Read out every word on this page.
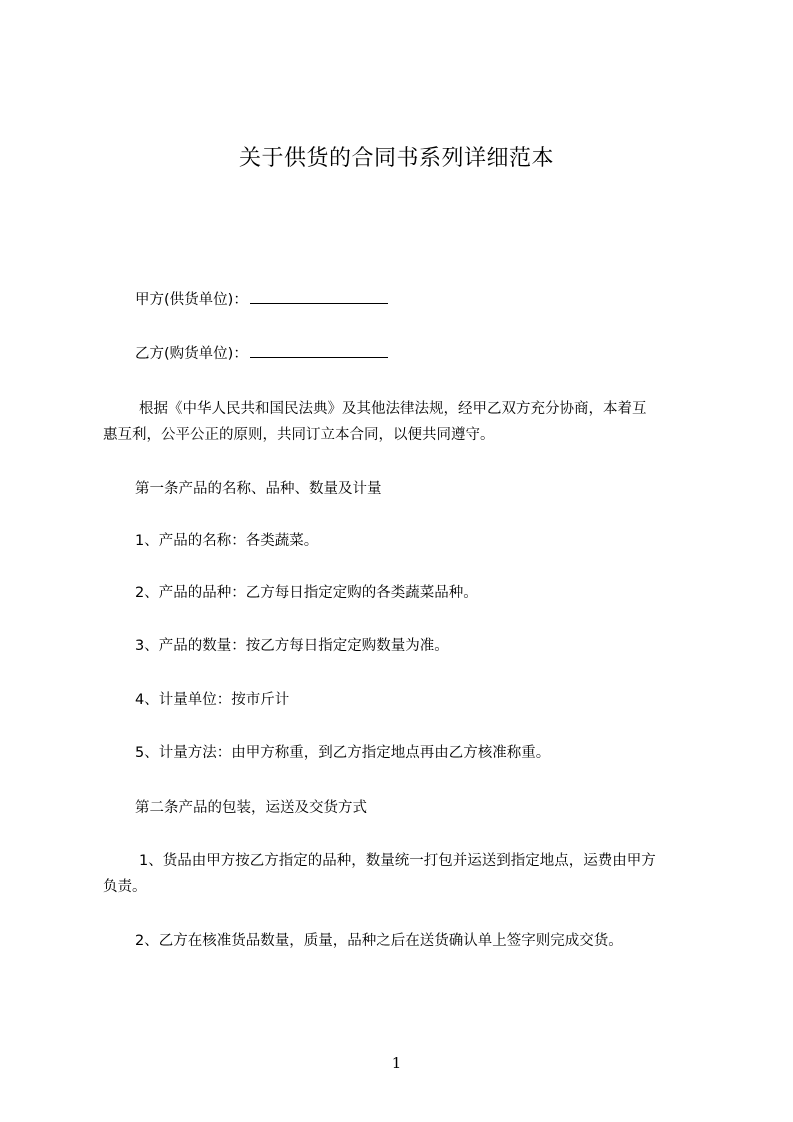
关于供货的合同书系列详细范本
甲方(供货单位)：
乙方(购货单位)：
根据《中华人民共和国民法典》及其他法律法规，经甲乙双方充分协商，本着互
惠互利，公平公正的原则，共同订立本合同，以便共同遵守。
第一条产品的名称、品种、数量及计量
1、产品的名称：各类蔬菜。
2、产品的品种：乙方每日指定定购的各类蔬菜品种。
3、产品的数量：按乙方每日指定定购数量为准。
4、计量单位：按市斤计
5、计量方法：由甲方称重，到乙方指定地点再由乙方核准称重。
第二条产品的包装，运送及交货方式
1、货品由甲方按乙方指定的品种，数量统一打包并运送到指定地点，运费由甲方
负责。
2、乙方在核准货品数量，质量，品种之后在送货确认单上签字则完成交货。
1
